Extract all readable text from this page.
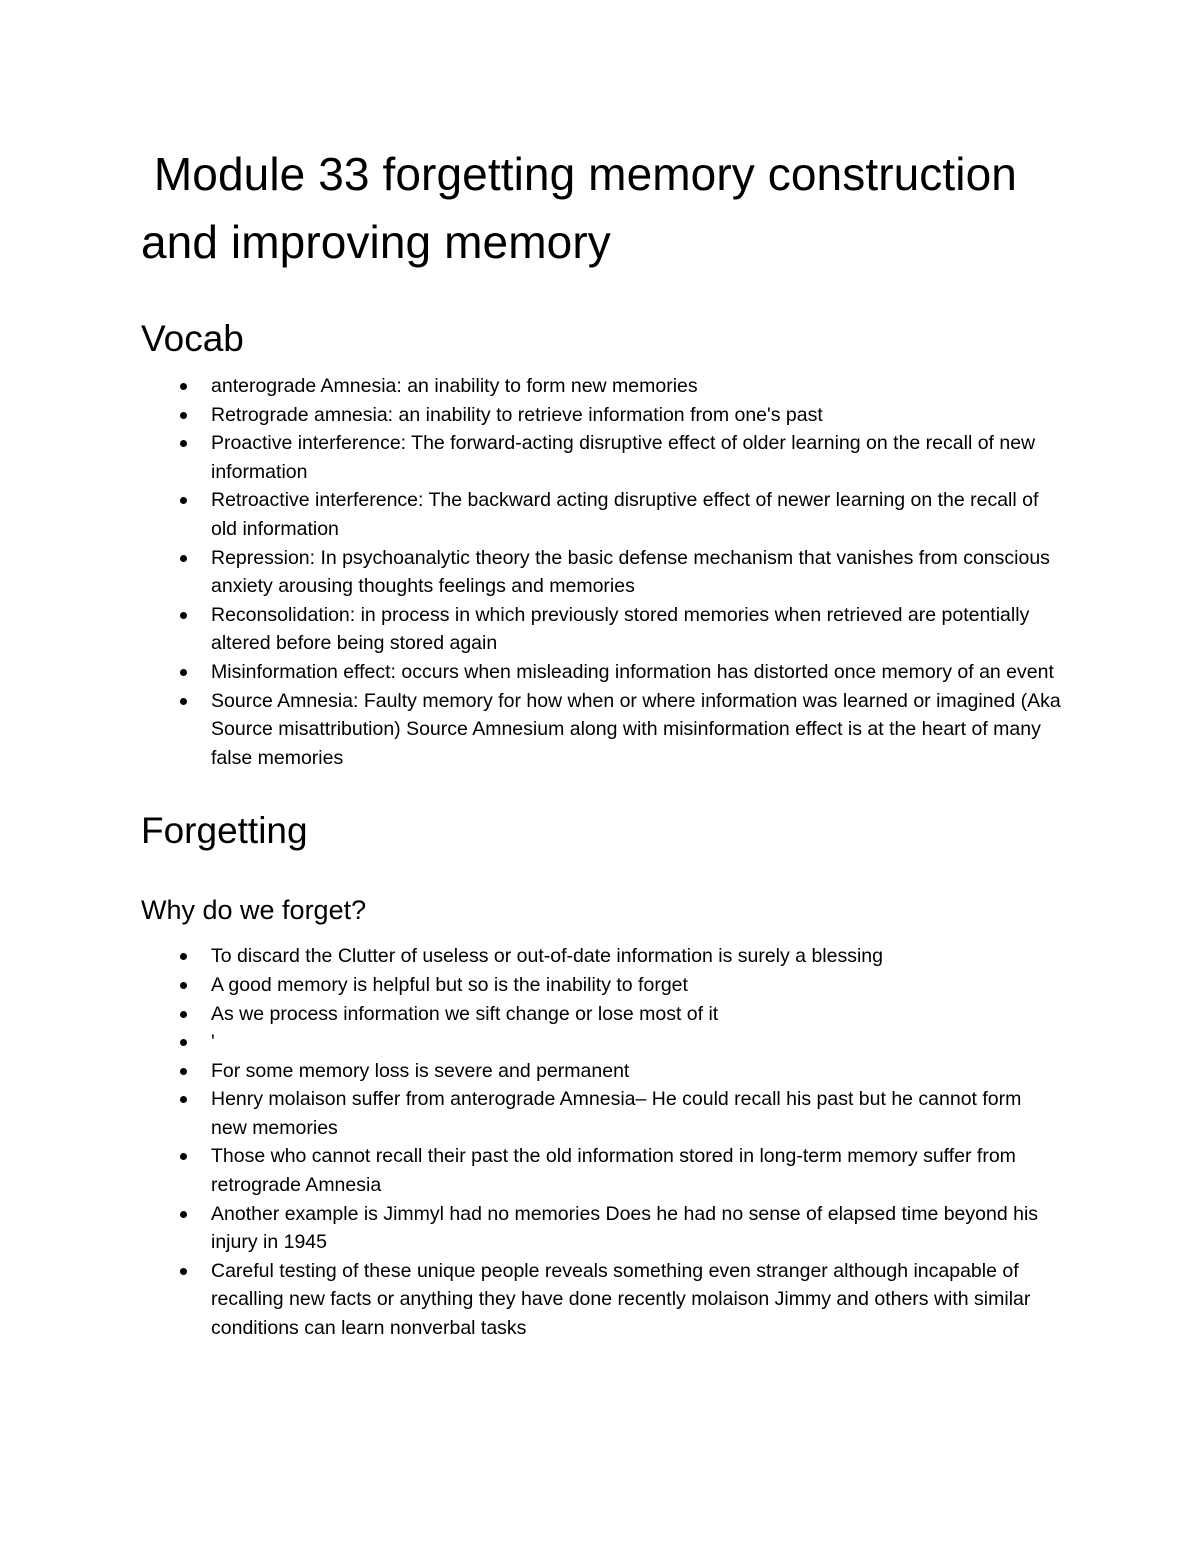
Module 33 forgetting memory construction and improving memory
Vocab
anterograde Amnesia: an inability to form new memories
Retrograde amnesia: an inability to retrieve information from one's past
Proactive interference: The forward-acting disruptive effect of older learning on the recall of new information
Retroactive interference: The backward acting disruptive effect of newer learning on the recall of old information
Repression: In psychoanalytic theory the basic defense mechanism that vanishes from conscious anxiety arousing thoughts feelings and memories
Reconsolidation: in process in which previously stored memories when retrieved are potentially altered before being stored again
Misinformation effect: occurs when misleading information has distorted once memory of an event
Source Amnesia: Faulty memory for how when or where information was learned or imagined (Aka Source misattribution) Source Amnesium along with misinformation effect is at the heart of many false memories
Forgetting
Why do we forget?
To discard the Clutter of useless or out-of-date information is surely a blessing
A good memory is helpful but so is the inability to forget
As we process information we sift change or lose most of it
'
For some memory loss is severe and permanent
Henry molaison suffer from anterograde Amnesia– He could recall his past but he cannot form new memories
Those who cannot recall their past the old information stored in long-term memory suffer from retrograde Amnesia
Another example is Jimmyl had no memories Does he had no sense of elapsed time beyond his injury in 1945
Careful testing of these unique people reveals something even stranger although incapable of recalling new facts or anything they have done recently molaison Jimmy and others with similar conditions can learn nonverbal tasks
